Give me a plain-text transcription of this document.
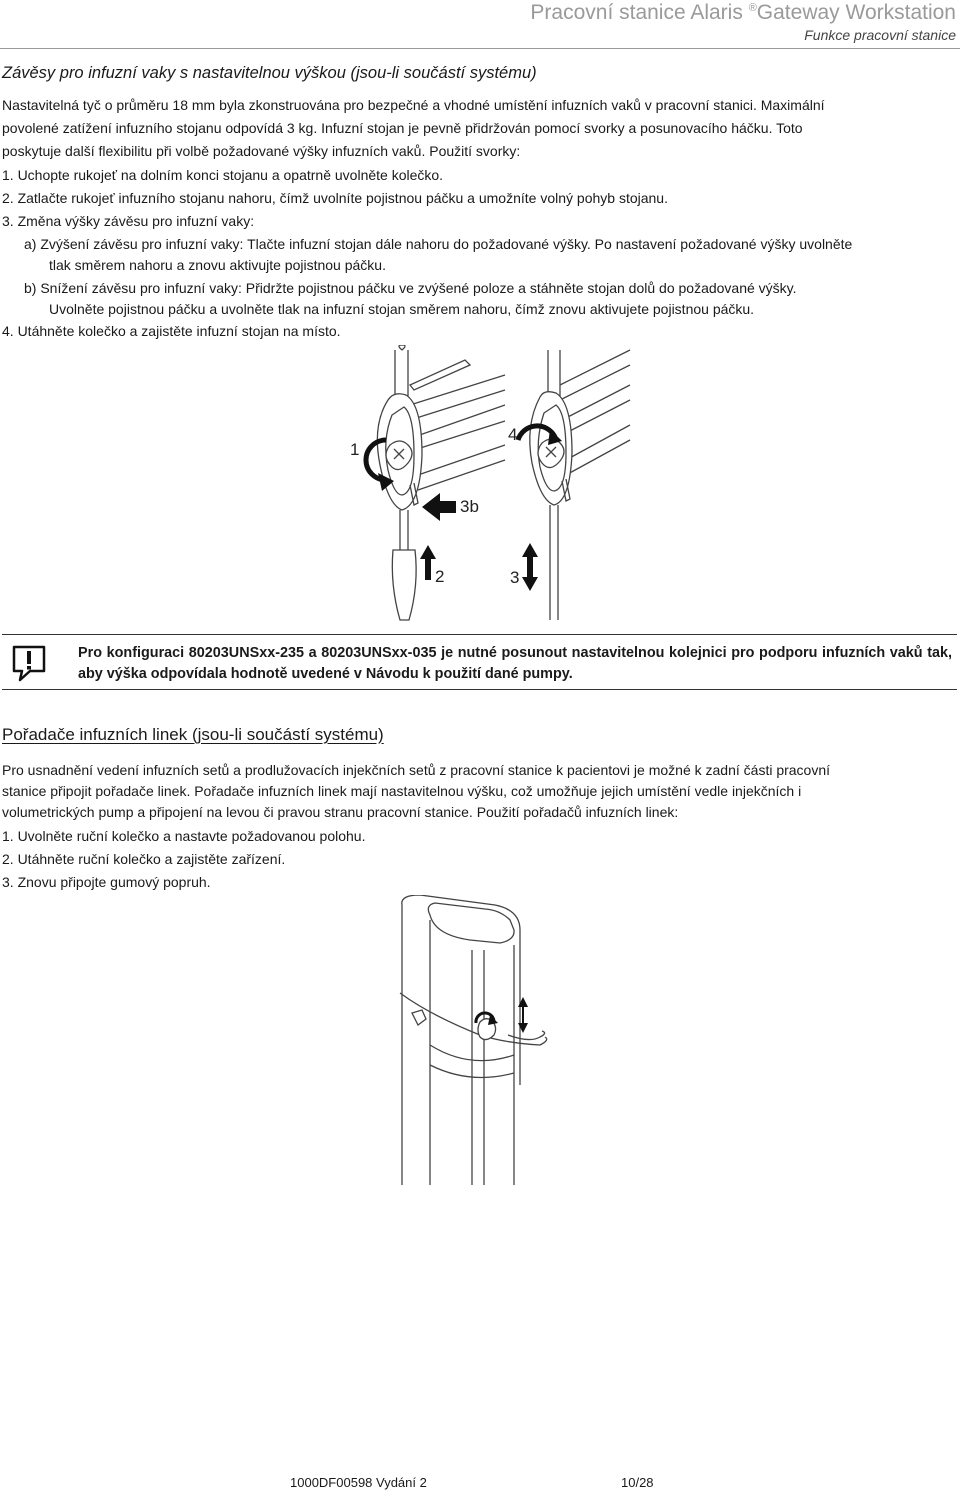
Pracovní stanice Alaris ®Gateway Workstation
Funkce pracovní stanice
Závěsy pro infuzní vaky s nastavitelnou výškou (jsou-li součástí systému)
Nastavitelná tyč o průměru 18 mm byla zkonstruována pro bezpečné a vhodné umístění infuzních vaků v pracovní stanici. Maximální
povolené zatížení infuzního stojanu odpovídá 3 kg. Infuzní stojan je pevně přidržován pomocí svorky a posunovacího háčku. Toto
poskytuje další flexibilitu při volbě požadované výšky infuzních vaků. Použití svorky:
1. Uchopte rukojeť na dolním konci stojanu a opatrně uvolněte kolečko.
2. Zatlačte rukojeť infuzního stojanu nahoru, čímž uvolníte pojistnou páčku a umožníte volný pohyb stojanu.
3. Změna výšky závěsu pro infuzní vaky:
a) Zvýšení závěsu pro infuzní vaky: Tlačte infuzní stojan dále nahoru do požadované výšky. Po nastavení požadované výšky uvolněte
tlak směrem nahoru a znovu aktivujte pojistnou páčku.
b) Snížení závěsu pro infuzní vaky: Přidržte pojistnou páčku ve zvýšené poloze a stáhněte stojan dolů do požadované výšky.
Uvolněte pojistnou páčku a uvolněte tlak na infuzní stojan směrem nahoru, čímž znovu aktivujete pojistnou páčku.
4. Utáhněte kolečko a zajistěte infuzní stojan na místo.
1
4
3b
2	3
Pro konfiguraci 80203UNSxx-235 a 80203UNSxx-035 je nutné posunout nastavitelnou kolejnici pro podporu infuzních vaků tak, aby výška odpovídala hodnotě uvedené v Návodu k použití dané pumpy.
Pořadače infuzních linek (jsou-li součástí systému)
Pro usnadnění vedení infuzních setů a prodlužovacích injekčních setů z pracovní stanice k pacientovi je možné k zadní části pracovní
stanice připojit pořadače linek. Pořadače infuzních linek mají nastavitelnou výšku, což umožňuje jejich umístění vedle injekčních i
volumetrických pump a připojení na levou či pravou stranu pracovní stanice. Použití pořadačů infuzních linek:
1. Uvolněte ruční kolečko a nastavte požadovanou polohu.
2. Utáhněte ruční kolečko a zajistěte zařízení.
3. Znovu připojte gumový popruh.
1000DF00598 Vydání 2	10/28
